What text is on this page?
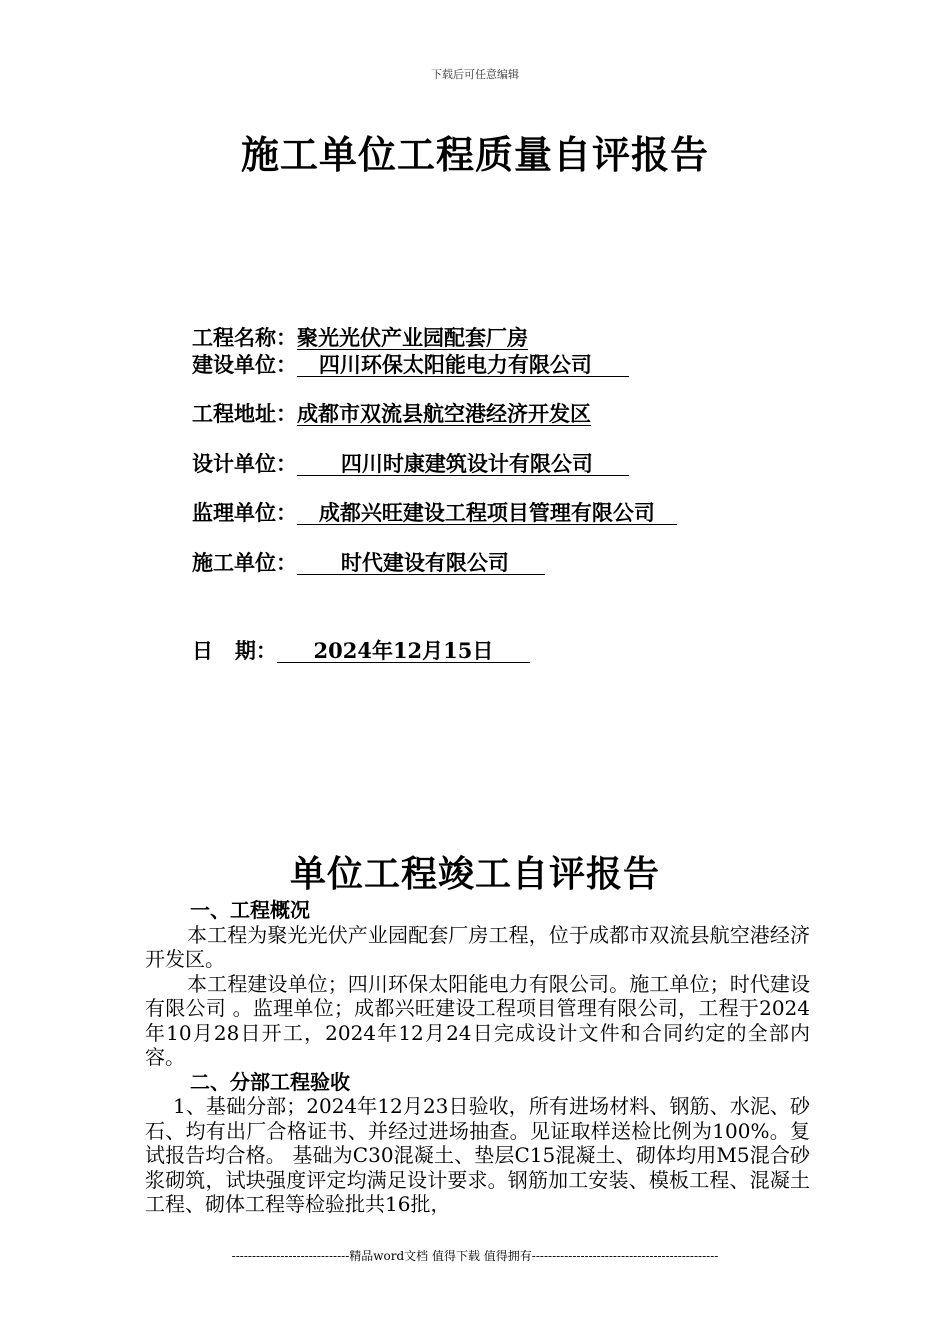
下载后可任意编辑
施工单位工程质量自评报告
工程名称：聚光光伏产业园配套厂房
建设单位：   四川环保太阳能电力有限公司
工程地址：成都市双流县航空港经济开发区
设计单位：      四川时康建筑设计有限公司
监理单位：   成都兴旺建设工程项目管理有限公司
施工单位：      时代建设有限公司
日   期：     2024年12月15日
单位工程竣工自评报告

一、工程概况

本工程为聚光光伏产业园配套厂房工程，位于成都市双流县航空港经济开发区。

本工程建设单位；四川环保太阳能电力有限公司。施工单位；时代建设有限公司 。监理单位；成都兴旺建设工程项目管理有限公司，工程于2024年10月28日开工，2024年12月24日完成设计文件和合同约定的全部内容。

二、分部工程验收

1、基础分部；2024年12月23日验收，所有进场材料、钢筋、水泥、砂石、均有出厂合格证书、并经过进场抽查。见证取样送检比例为100%。复试报告均合格。 基础为C30混凝土、垫层C15混凝土、砌体均用M5混合砂浆砌筑，试块强度评定均满足设计要求。钢筋加工安装、模板工程、混凝土工程、砌体工程等检验批共16批，

-----------------------------精品word文档 值得下载 值得拥有----------------------------------------------
